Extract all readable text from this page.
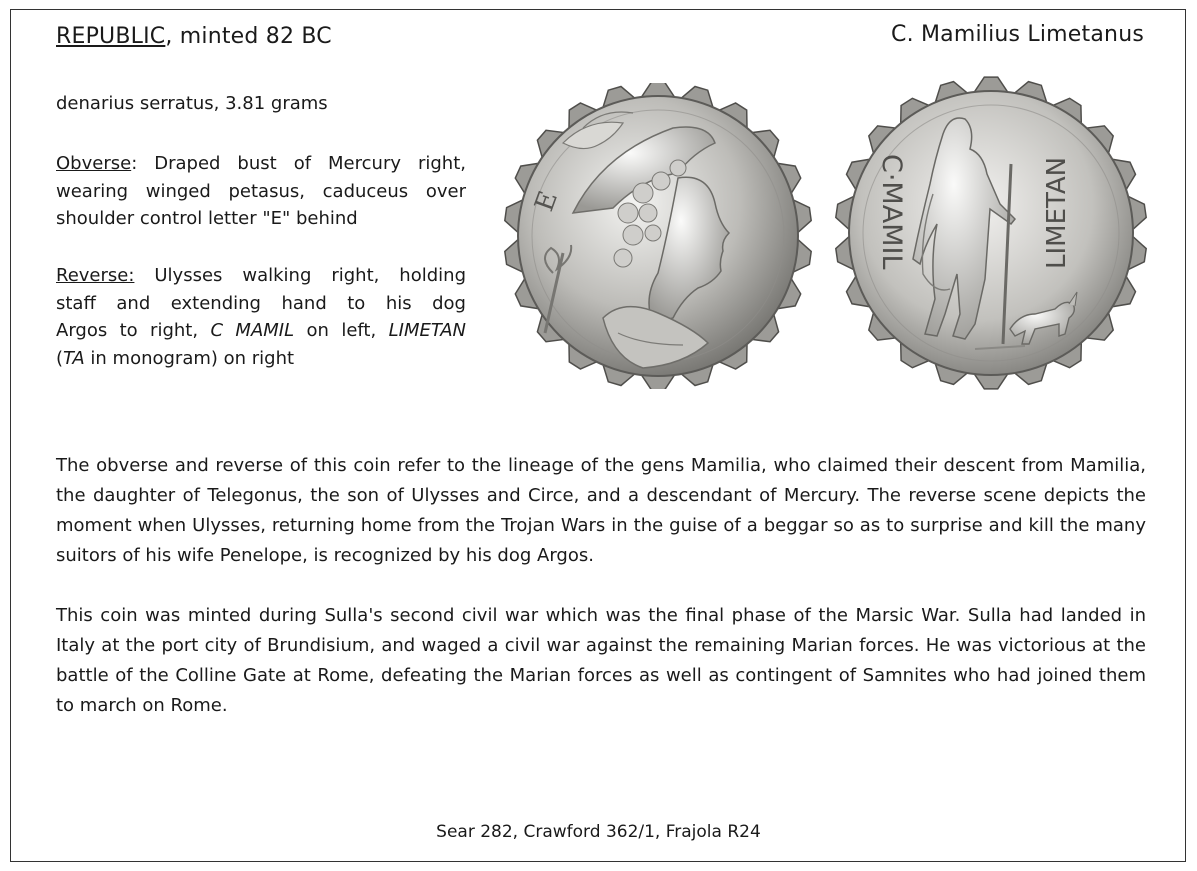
REPUBLIC, minted 82 BC	C. Mamilius Limetanus
denarius serratus, 3.81 grams
Obverse: Draped bust of Mercury right,
wearing winged petasus, caduceus over
shoulder control letter "E" behind
Reverse: Ulysses walking right, holding
staff and extending hand to his dog
Argos to right, C MAMIL on left, LIMETAN
(TA in monogram) on right
E	C·MAMIL	LIMETAN

The obverse and reverse of this coin refer to the lineage of the gens Mamilia, who claimed their descent from Mamilia, the daughter of Telegonus, the son of Ulysses and Circe, and a descendant of Mercury. The reverse scene depicts the moment when Ulysses, returning home from the Trojan Wars in the guise of a beggar so as to surprise and kill the many suitors of his wife Penelope, is recognized by his dog Argos.

This coin was minted during Sulla's second civil war which was the final phase of the Marsic War. Sulla had landed in Italy at the port city of Brundisium, and waged a civil war against the remaining Marian forces. He was victorious at the battle of the Colline Gate at Rome, defeating the Marian forces as well as contingent of Samnites who had joined them to march on Rome.

Sear 282, Crawford 362/1, Frajola R24
